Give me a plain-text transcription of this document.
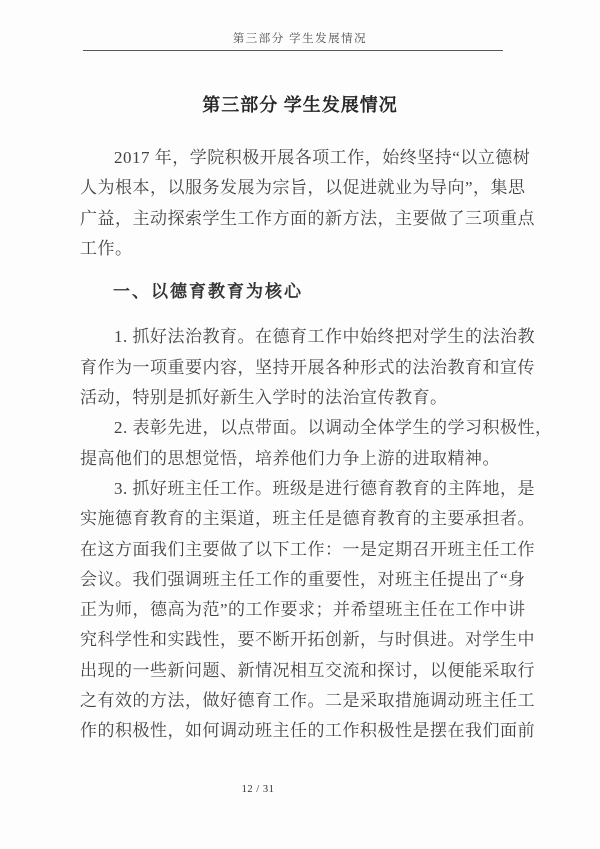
第三部分 学生发展情况
第三部分 学生发展情况
2017 年，学院积极开展各项工作，始终坚持“以立德树
人为根本，以服务发展为宗旨，以促进就业为导向”，集思
广益，主动探索学生工作方面的新方法，主要做了三项重点
工作。
一、以德育教育为核心
1. 抓好法治教育。在德育工作中始终把对学生的法治教
育作为一项重要内容，坚持开展各种形式的法治教育和宣传
活动，特别是抓好新生入学时的法治宣传教育。
2. 表彰先进，以点带面。以调动全体学生的学习积极性，
提高他们的思想觉悟，培养他们力争上游的进取精神。
3. 抓好班主任工作。班级是进行德育教育的主阵地，是
实施德育教育的主渠道，班主任是德育教育的主要承担者。
在这方面我们主要做了以下工作：一是定期召开班主任工作
会议。我们强调班主任工作的重要性，对班主任提出了“身
正为师，德高为范”的工作要求；并希望班主任在工作中讲
究科学性和实践性，要不断开拓创新，与时俱进。对学生中
出现的一些新问题、新情况相互交流和探讨，以便能采取行
之有效的方法，做好德育工作。二是采取措施调动班主任工
作的积极性，如何调动班主任的工作积极性是摆在我们面前
12 / 31
